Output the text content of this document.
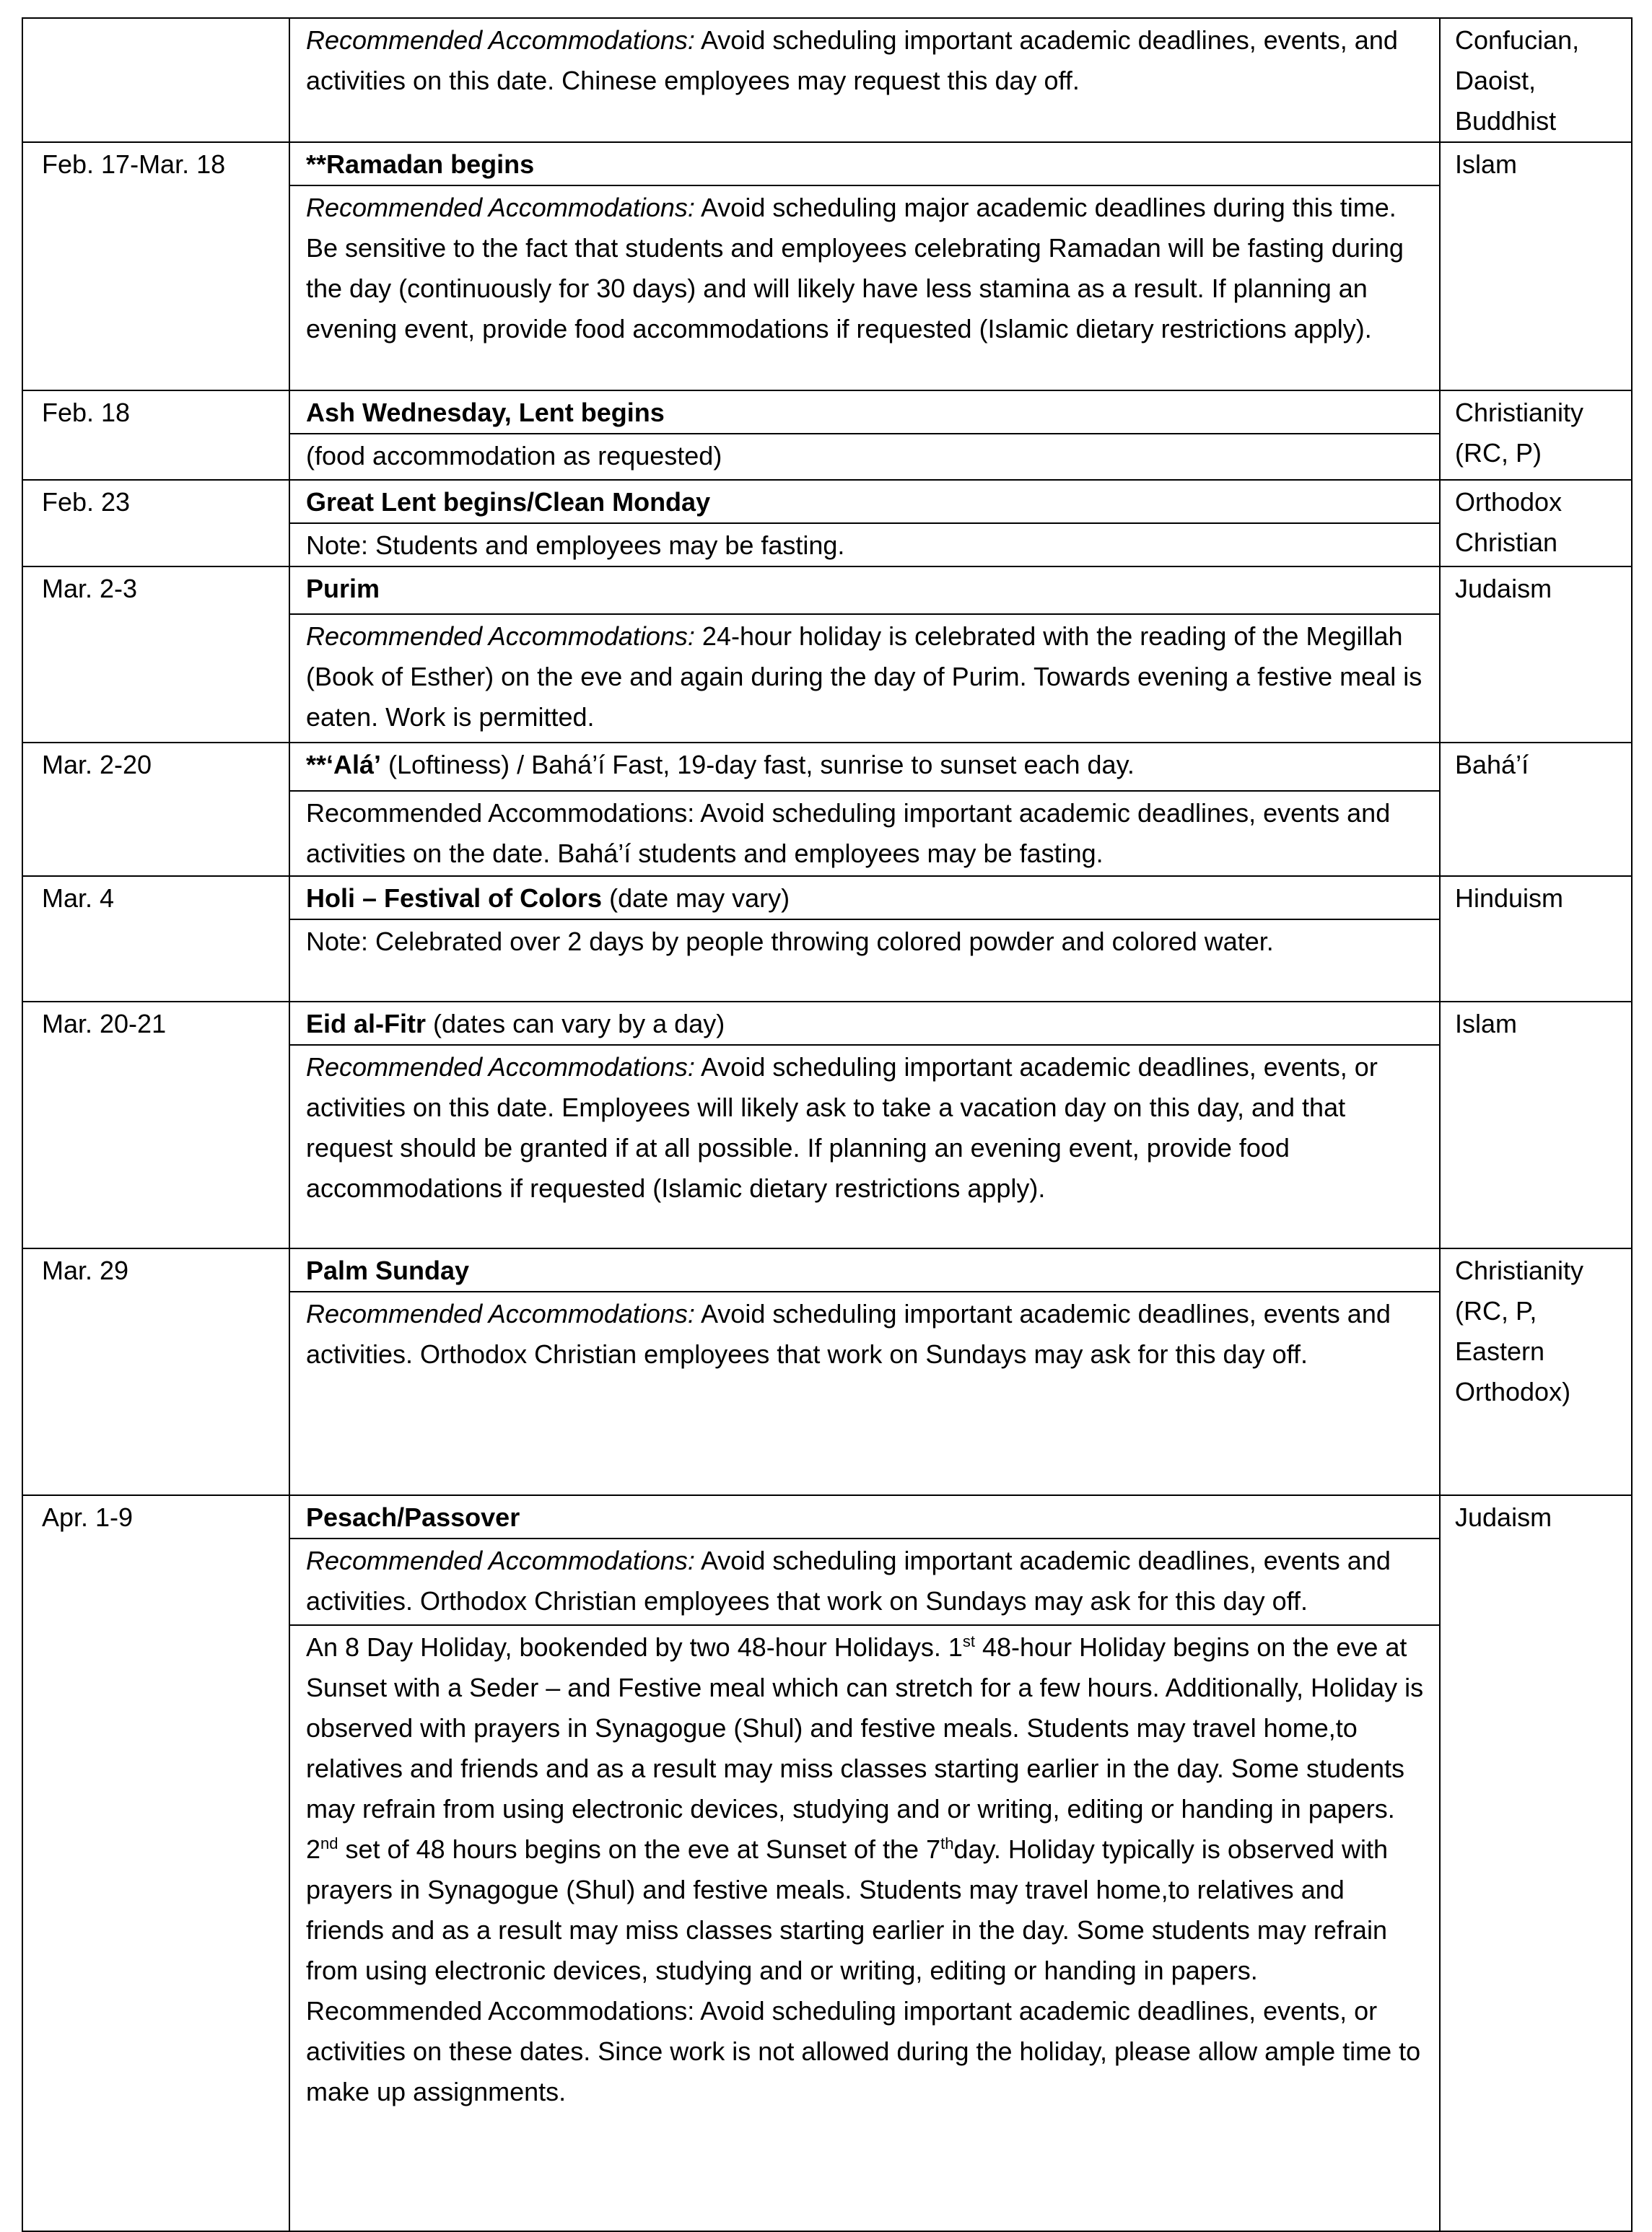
	Recommended Accommodations: Avoid scheduling important academic deadlines, events, and activities on this date. Chinese employees may request this day off.	Confucian, Daoist, Buddhist
Feb. 17-Mar. 18	**Ramadan begins	Islam
	Recommended Accommodations: Avoid scheduling major academic deadlines during this time. Be sensitive to the fact that students and employees celebrating Ramadan will be fasting during the day (continuously for 30 days) and will likely have less stamina as a result. If planning an evening event, provide food accommodations if requested (Islamic dietary restrictions apply).	
Feb. 18	Ash Wednesday, Lent begins	Christianity (RC, P)
	(food accommodation as requested)	
Feb. 23	Great Lent begins/Clean Monday	Orthodox Christian
	Note: Students and employees may be fasting.	
Mar. 2-3	Purim	Judaism
	Recommended Accommodations: 24-hour holiday is celebrated with the reading of the Megillah (Book of Esther) on the eve and again during the day of Purim. Towards evening a festive meal is eaten. Work is permitted.	
Mar. 2-20	**‘Alá’ (Loftiness) / Bahá’í Fast, 19-day fast, sunrise to sunset each day.	Bahá’í
	Recommended Accommodations: Avoid scheduling important academic deadlines, events and activities on the date. Bahá’í students and employees may be fasting.	
Mar. 4	Holi – Festival of Colors (date may vary)	Hinduism
	Note: Celebrated over 2 days by people throwing colored powder and colored water.	
Mar. 20-21	Eid al-Fitr (dates can vary by a day)	Islam
	Recommended Accommodations: Avoid scheduling important academic deadlines, events, or activities on this date. Employees will likely ask to take a vacation day on this day, and that request should be granted if at all possible. If planning an evening event, provide food accommodations if requested (Islamic dietary restrictions apply).	
Mar. 29	Palm Sunday	Christianity (RC, P, Eastern Orthodox)
	Recommended Accommodations: Avoid scheduling important academic deadlines, events and activities. Orthodox Christian employees that work on Sundays may ask for this day off.	
Apr. 1-9	Pesach/Passover	Judaism
	Recommended Accommodations: Avoid scheduling important academic deadlines, events and activities. Orthodox Christian employees that work on Sundays may ask for this day off.	
	An 8 Day Holiday, bookended by two 48-hour Holidays. 1st 48-hour Holiday begins on the eve at Sunset with a Seder – and Festive meal which can stretch for a few hours. Additionally, Holiday is observed with prayers in Synagogue (Shul) and festive meals. Students may travel home,to relatives and friends and as a result may miss classes starting earlier in the day. Some students may refrain from using electronic devices, studying and or writing, editing or handing in papers. 2nd set of 48 hours begins on the eve at Sunset of the 7thday. Holiday typically is observed with prayers in Synagogue (Shul) and festive meals. Students may travel home,to relatives and friends and as a result may miss classes starting earlier in the day. Some students may refrain from using electronic devices, studying and or writing, editing or handing in papers. Recommended Accommodations: Avoid scheduling important academic deadlines, events, or activities on these dates. Since work is not allowed during the holiday, please allow ample time to make up assignments.	
